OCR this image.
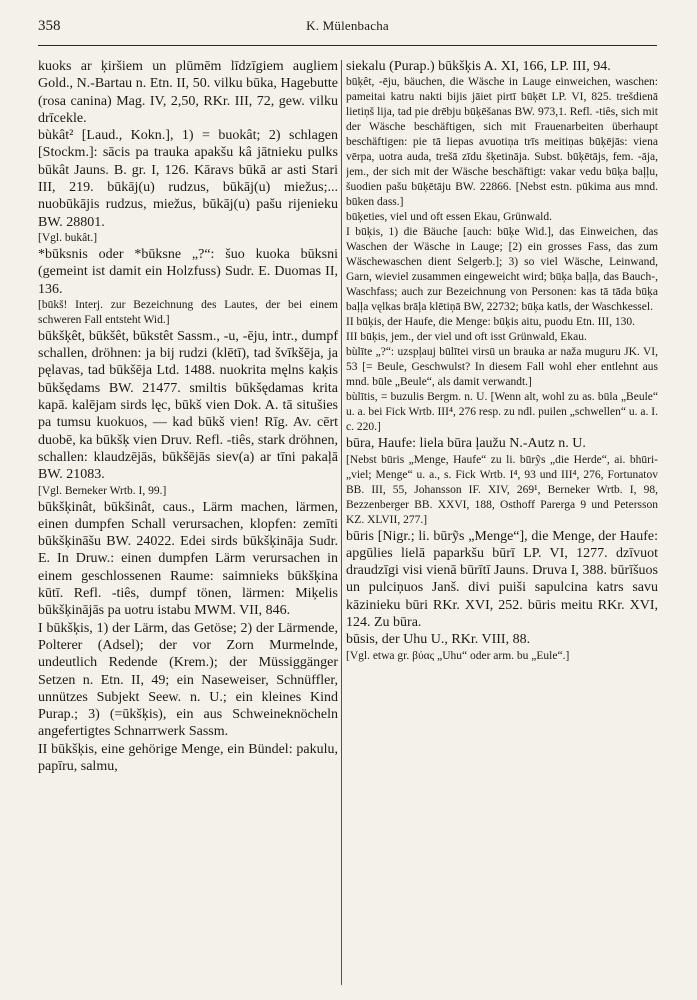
358	K. Mülenbacha

kuoks ar ķiršiem un plūmēm līdzīgiem augliem Gold., N.-Bartau n. Etn. II, 50. vilku būka, Hagebutte (rosa canina) Mag. IV, 2,50, RKr. III, 72, gew. vilku drīcekle.

bùkât² [Laud., Kokn.], 1) = buokât; 2) schlagen [Stockm.]: sācis pa trauka apakšu kâ jātnieku pulks būkât Jauns. B. gr. I, 126. Kāravs būkā ar asti Stari III, 219. būkāj(u) rudzus, būkāj(u) miežus;... nuobūkājis rudzus, miežus, būkāj(u) pašu rijenieku BW. 28801.

[Vgl. bukât.]

*būksnis oder *būksne „?“: šuo kuoka būksni (gemeint ist damit ein Holzfuss) Sudr. E. Duomas II, 136.

[būkš! Interj. zur Bezeichnung des Lautes, der bei einem schweren Fall entsteht Wid.]

būkšķêt, būkšêt, būkstêt Sassm., -u, -ēju, intr., dumpf schallen, dröhnen: ja bij rudzi (klētī), tad švīkšēja, ja pęlavas, tad būkšēja Ltd. 1488. nuokrita męlns kaķis būkšędams BW. 21477. smiltis būkšędamas krita kapā. kalējam sirds lęc, būkš vien Dok. A. tā situšies pa tumsu kuokuos, — kad būkš vien! Rīg. Av. cērt duobē, ka būkšķ vien Druv. Refl. -tiês, stark dröhnen, schallen: klaudzējās, būkšējās siev(a) ar tīni pakaļā BW. 21083.

[Vgl. Berneker Wrtb. I, 99.]

būkšķinât, būkšinât, caus., Lärm machen, lärmen, einen dumpfen Schall verursachen, klopfen: zemīti būkšķināšu BW. 24022. Edei sirds būkšķināja Sudr. E. In Druw.: einen dumpfen Lärm verursachen in einem geschlossenen Raume: saimnieks būkšķina kūtī. Refl. -tiês, dumpf tönen, lärmen: Miķelis būkšķinājās pa uotru istabu MWM. VII, 846.

I būkšķis, 1) der Lärm, das Getöse; 2) der Lärmende, Polterer (Adsel); der vor Zorn Murmelnde, undeutlich Redende (Krem.); der Müssiggänger Setzen n. Etn. II, 49; ein Naseweiser, Schnüffler, unnützes Subjekt Seew. n. U.; ein kleines Kind Purap.; 3) (=ūkšķis), ein aus Schweineknöcheln angefertigtes Schnarrwerk Sassm.

II būkšķis, eine gehörige Menge, ein Bündel: pakulu, papīru, salmu,

siekalu (Purap.) būkšķis A. XI, 166, LP. III, 94.

būķêt, -ēju, bäuchen, die Wäsche in Lauge einweichen, waschen: pameitai katru nakti bijis jāiet pirtī būķēt LP. VI, 825. trešdienā lietiņš lija, tad pie drēbju būķēšanas BW. 973,1. Refl. -tiês, sich mit der Wäsche beschäftigen, sich mit Frauenarbeiten überhaupt beschäftigen: pie tā liepas avuotiņa trīs meitiņas būķējās: viena vērpa, uotra auda, trešā zīdu šķetināja. Subst. būķētājs, fem. -āja, jem., der sich mit der Wäsche beschäftigt: vakar vedu būķa baļļu, šuodien pašu būķētāju BW. 22866. [Nebst estn. pūkima aus mnd. būken dass.]

būķeties, viel und oft essen Ekau, Grünwald.

I būķis, 1) die Bäuche [auch: būķe Wid.], das Einweichen, das Waschen der Wäsche in Lauge; [2) ein grosses Fass, das zum Wäschewaschen dient Selgerb.]; 3) so viel Wäsche, Leinwand, Garn, wieviel zusammen eingeweicht wird; būķa baļļa, das Bauch-, Waschfass; auch zur Bezeichnung von Personen: kas tā tāda būķa baļļa vęlkas brāļa klētiņā BW, 22732; būķa katls, der Waschkessel.

II būķis, der Haufe, die Menge: būķis aitu, puodu Etn. III, 130.

III būķis, jem., der viel und oft isst Grünwald, Ekau.

bùlīte „?“: uzspļauj būlītei virsū un brauka ar naža muguru JK. VI, 53 [= Beule, Geschwulst? In diesem Fall wohl eher entlehnt aus mnd. būle „Beule“, als damit verwandt.]

bùlītis, = buzulis Bergm. n. U. [Wenn alt, wohl zu as. būla „Beule“ u. a. bei Fick Wrtb. III⁴, 276 resp. zu ndl. puilen „schwellen“ u. a. I. c. 220.]

būra, Haufe: liela būra ļaužu N.-Autz n. U.

[Nebst būris „Menge, Haufe“ zu li. būrỹs „die Herde“, ai. bhūri- „viel; Menge“ u. a., s. Fick Wrtb. I⁴, 93 und III⁴, 276, Fortunatov BB. III, 55, Johansson IF. XIV, 269¹, Berneker Wrtb. I, 98, Bezzenberger BB. XXVI, 188, Osthoff Parerga 9 und Petersson KZ. XLVII, 277.]

būris [Nigr.; li. būrỹs „Menge“], die Menge, der Haufe: apgūlies lielā paparkšu būrī LP. VI, 1277. dzīvuot draudzīgi visi vienā būrītī Jauns. Druva I, 388. būrīšuos un pulciņuos Janš. divi puiši sapulcina katrs savu kāzinieku būri RKr. XVI, 252. būris meitu RKr. XVI, 124. Zu būra.

būsis, der Uhu U., RKr. VIII, 88.

[Vgl. etwa gr. βύας „Uhu“ oder arm. bu „Eule“.]
